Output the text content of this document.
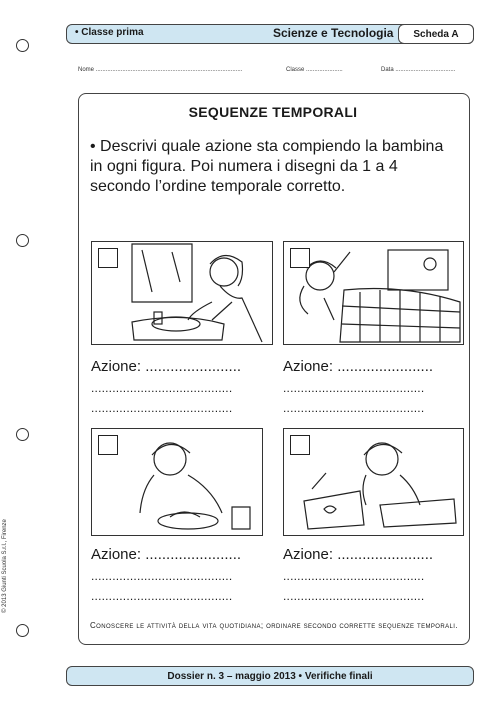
• Classe prima	Scienze e Tecnologia	Scheda A
Nome ........................................................................................	Classe ......................	Data ....................................
SEQUENZE TEMPORALI
• Descrivi quale azione sta compiendo la bambina in ogni figura. Poi numera i disegni da 1 a 4 secondo l’ordine temporale corretto.
Azione: .......................
........................................
........................................
Azione: .......................
........................................
........................................
Azione: .......................
........................................
........................................
Azione: .......................
........................................
........................................
Conoscere le attività della vita quotidiana; ordinare secondo corrette sequenze temporali.
© 2013 Giunti Scuola S.r.l., Firenze
Dossier n. 3 – maggio 2013 • Verifiche finali
